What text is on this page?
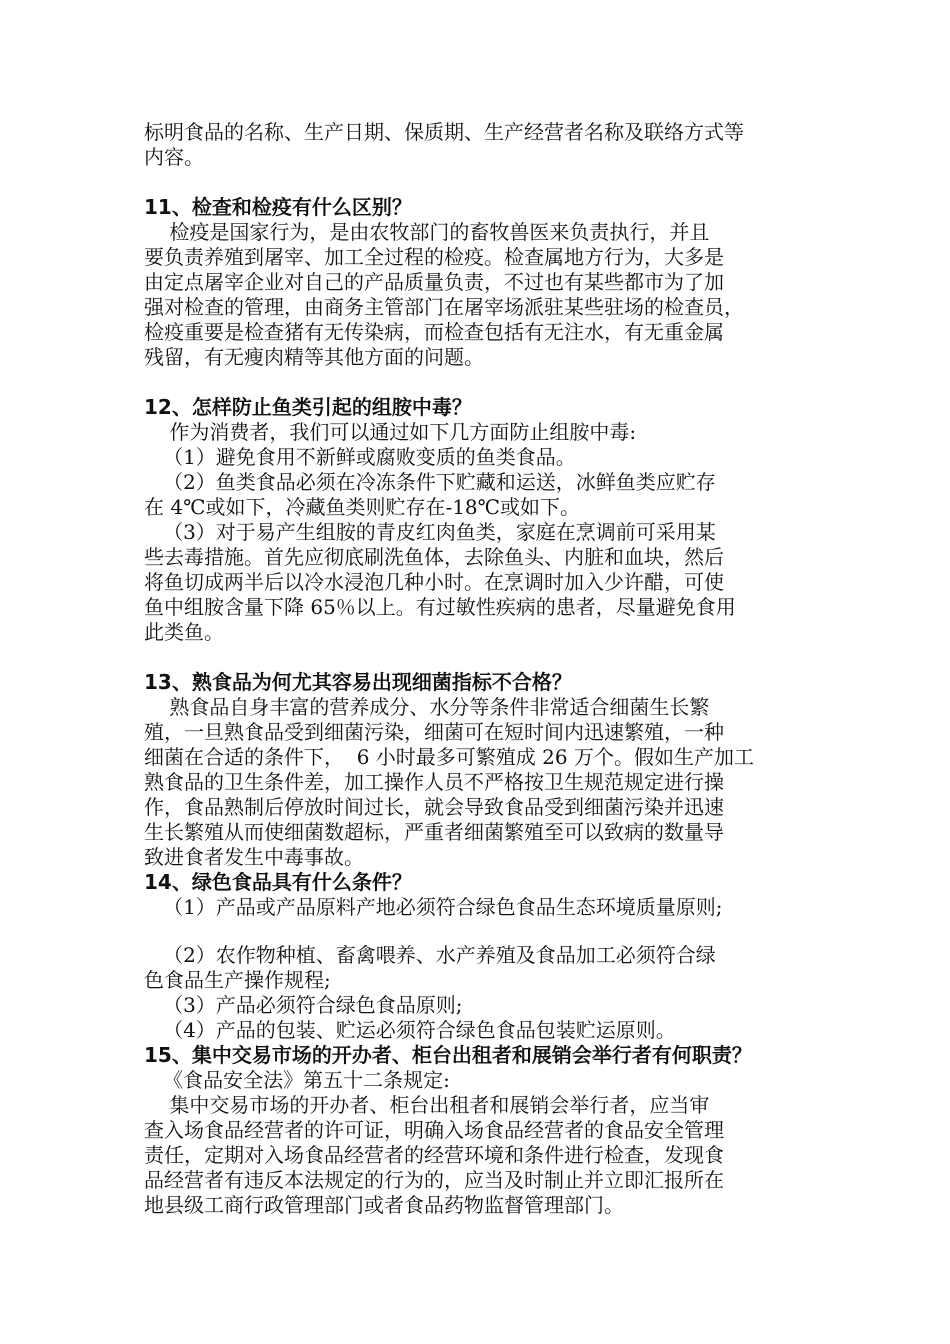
标明食品的名称、生产日期、保质期、生产经营者名称及联络方式等

内容。

11、检查和检疫有什么区别？

检疫是国家行为，是由农牧部门的畜牧兽医来负责执行，并且

要负责养殖到屠宰、加工全过程的检疫。检查属地方行为，大多是

由定点屠宰企业对自己的产品质量负责，不过也有某些都市为了加

强对检查的管理，由商务主管部门在屠宰场派驻某些驻场的检查员，

检疫重要是检查猪有无传染病，而检查包括有无注水，有无重金属

残留，有无瘦肉精等其他方面的问题。

12、怎样防止鱼类引起的组胺中毒？

作为消费者，我们可以通过如下几方面防止组胺中毒:

（1）避免食用不新鲜或腐败变质的鱼类食品。

（2）鱼类食品必须在冷冻条件下贮藏和运送，冰鲜鱼类应贮存

在 4℃或如下，冷藏鱼类则贮存在-18℃或如下。

（3）对于易产生组胺的青皮红肉鱼类，家庭在烹调前可采用某

些去毒措施。首先应彻底刷洗鱼体，去除鱼头、内脏和血块，然后

将鱼切成两半后以冷水浸泡几种小时。在烹调时加入少许醋，可使

鱼中组胺含量下降 65％以上。有过敏性疾病的患者，尽量避免食用

此类鱼。

13、熟食品为何尤其容易出现细菌指标不合格？

熟食品自身丰富的营养成分、水分等条件非常适合细菌生长繁

殖，一旦熟食品受到细菌污染，细菌可在短时间内迅速繁殖，一种

细菌在合适的条件下，  6 小时最多可繁殖成 26 万个。假如生产加工

熟食品的卫生条件差，加工操作人员不严格按卫生规范规定进行操

作，食品熟制后停放时间过长，就会导致食品受到细菌污染并迅速

生长繁殖从而使细菌数超标，严重者细菌繁殖至可以致病的数量导

致进食者发生中毒事故。

14、绿色食品具有什么条件？

（1）产品或产品原料产地必须符合绿色食品生态环境质量原则;

（2）农作物种植、畜禽喂养、水产养殖及食品加工必须符合绿

色食品生产操作规程;

（3）产品必须符合绿色食品原则;

（4）产品的包装、贮运必须符合绿色食品包装贮运原则。

15、集中交易市场的开办者、柜台出租者和展销会举行者有何职责？

《食品安全法》第五十二条规定:

集中交易市场的开办者、柜台出租者和展销会举行者，应当审

查入场食品经营者的许可证，明确入场食品经营者的食品安全管理

责任，定期对入场食品经营者的经营环境和条件进行检查，发现食

品经营者有违反本法规定的行为的，应当及时制止并立即汇报所在

地县级工商行政管理部门或者食品药物监督管理部门。
